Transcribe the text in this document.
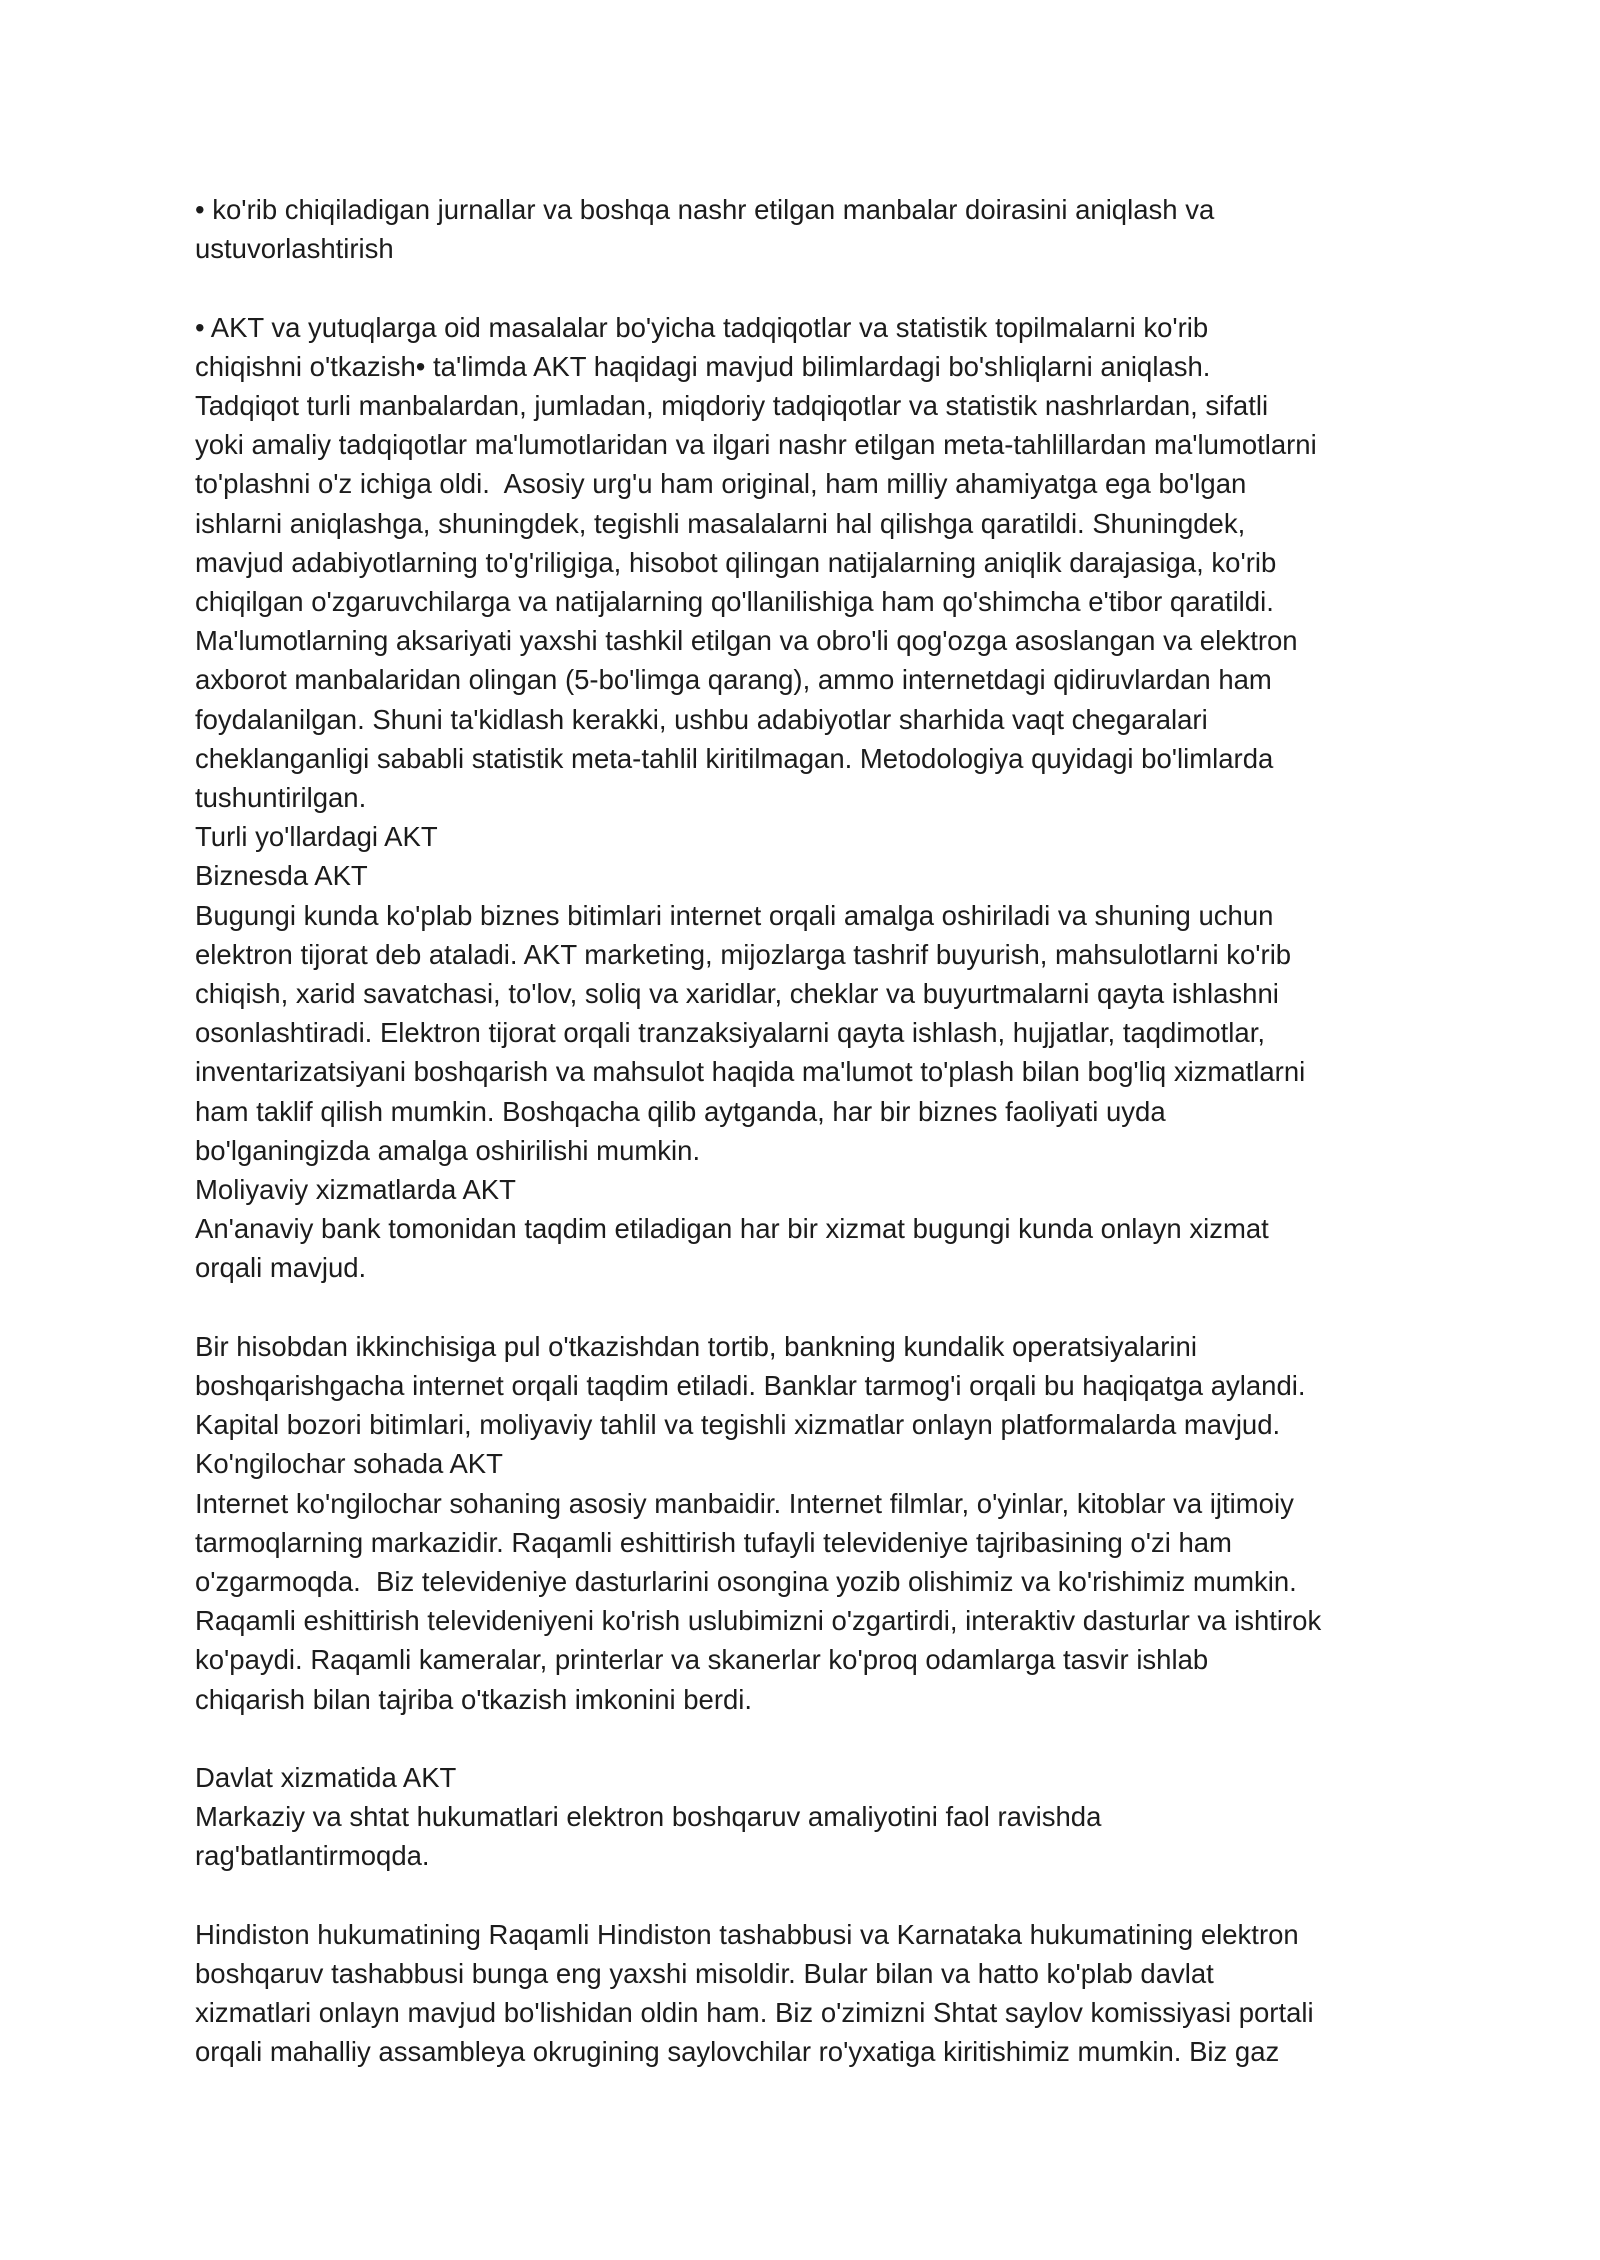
• ko'rib chiqiladigan jurnallar va boshqa nashr etilgan manbalar doirasini aniqlash va
ustuvorlashtirish
• AKT va yutuqlarga oid masalalar bo'yicha tadqiqotlar va statistik topilmalarni ko'rib
chiqishni o'tkazish• ta'limda AKT haqidagi mavjud bilimlardagi bo'shliqlarni aniqlash.
Tadqiqot turli manbalardan, jumladan, miqdoriy tadqiqotlar va statistik nashrlardan, sifatli
yoki amaliy tadqiqotlar ma'lumotlaridan va ilgari nashr etilgan meta-tahlillardan ma'lumotlarni
to'plashni o'z ichiga oldi.  Asosiy urg'u ham original, ham milliy ahamiyatga ega bo'lgan
ishlarni aniqlashga, shuningdek, tegishli masalalarni hal qilishga qaratildi. Shuningdek,
mavjud adabiyotlarning to'g'riligiga, hisobot qilingan natijalarning aniqlik darajasiga, ko'rib
chiqilgan o'zgaruvchilarga va natijalarning qo'llanilishiga ham qo'shimcha e'tibor qaratildi.
Ma'lumotlarning aksariyati yaxshi tashkil etilgan va obro'li qog'ozga asoslangan va elektron
axborot manbalaridan olingan (5-bo'limga qarang), ammo internetdagi qidiruvlardan ham
foydalanilgan. Shuni ta'kidlash kerakki, ushbu adabiyotlar sharhida vaqt chegaralari
cheklanganligi sababli statistik meta-tahlil kiritilmagan. Metodologiya quyidagi bo'limlarda
tushuntirilgan.
Turli yo'llardagi AKT
Biznesda AKT
Bugungi kunda ko'plab biznes bitimlari internet orqali amalga oshiriladi va shuning uchun
elektron tijorat deb ataladi. AKT marketing, mijozlarga tashrif buyurish, mahsulotlarni ko'rib
chiqish, xarid savatchasi, to'lov, soliq va xaridlar, cheklar va buyurtmalarni qayta ishlashni
osonlashtiradi. Elektron tijorat orqali tranzaksiyalarni qayta ishlash, hujjatlar, taqdimotlar,
inventarizatsiyani boshqarish va mahsulot haqida ma'lumot to'plash bilan bog'liq xizmatlarni
ham taklif qilish mumkin. Boshqacha qilib aytganda, har bir biznes faoliyati uyda
bo'lganingizda amalga oshirilishi mumkin.
Moliyaviy xizmatlarda AKT
An'anaviy bank tomonidan taqdim etiladigan har bir xizmat bugungi kunda onlayn xizmat
orqali mavjud.
Bir hisobdan ikkinchisiga pul o'tkazishdan tortib, bankning kundalik operatsiyalarini
boshqarishgacha internet orqali taqdim etiladi. Banklar tarmog'i orqali bu haqiqatga aylandi.
Kapital bozori bitimlari, moliyaviy tahlil va tegishli xizmatlar onlayn platformalarda mavjud.
Ko'ngilochar sohada AKT
Internet ko'ngilochar sohaning asosiy manbaidir. Internet filmlar, o'yinlar, kitoblar va ijtimoiy
tarmoqlarning markazidir. Raqamli eshittirish tufayli televideniye tajribasining o'zi ham
o'zgarmoqda.  Biz televideniye dasturlarini osongina yozib olishimiz va ko'rishimiz mumkin.
Raqamli eshittirish televideniyeni ko'rish uslubimizni o'zgartirdi, interaktiv dasturlar va ishtirok
ko'paydi. Raqamli kameralar, printerlar va skanerlar ko'proq odamlarga tasvir ishlab
chiqarish bilan tajriba o'tkazish imkonini berdi.
Davlat xizmatida AKT
Markaziy va shtat hukumatlari elektron boshqaruv amaliyotini faol ravishda
rag'batlantirmoqda.
Hindiston hukumatining Raqamli Hindiston tashabbusi va Karnataka hukumatining elektron
boshqaruv tashabbusi bunga eng yaxshi misoldir. Bular bilan va hatto ko'plab davlat
xizmatlari onlayn mavjud bo'lishidan oldin ham. Biz o'zimizni Shtat saylov komissiyasi portali
orqali mahalliy assambleya okrugining saylovchilar ro'yxatiga kiritishimiz mumkin. Biz gaz
